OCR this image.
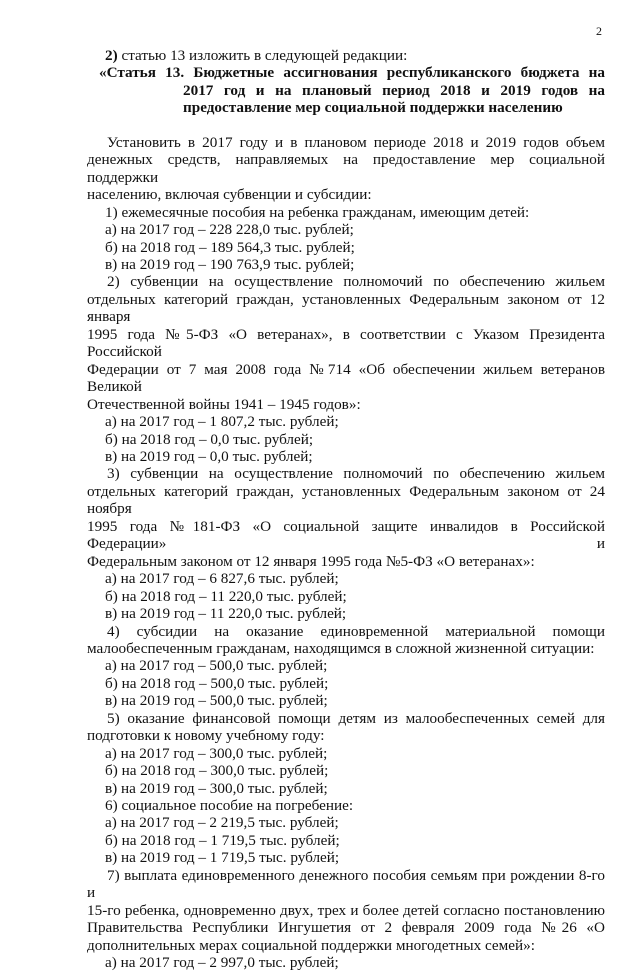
2
2) статью 13 изложить в следующей редакции:
«Статья 13. Бюджетные ассигнования республиканского бюджета на
2017 год и на плановый период 2018 и 2019 годов на
предоставление мер социальной поддержки населению
Установить в 2017 году и в плановом периоде 2018 и 2019 годов объем
денежных средств, направляемых на предоставление мер социальной поддержки
населению, включая субвенции и субсидии:
1) ежемесячные пособия на ребенка гражданам, имеющим детей:
а) на 2017 год – 228 228,0 тыс. рублей;
б) на 2018 год – 189 564,3 тыс. рублей;
в) на 2019 год – 190 763,9 тыс. рублей;
2) субвенции на осуществление полномочий по обеспечению жильем
отдельных категорий граждан, установленных Федеральным законом от 12 января
1995 года №5-ФЗ «О ветеранах», в соответствии с Указом Президента Российской
Федерации от 7 мая 2008 года №714 «Об обеспечении жильем ветеранов Великой
Отечественной войны 1941 – 1945 годов»:
а) на 2017 год – 1 807,2 тыс. рублей;
б) на 2018 год – 0,0 тыс. рублей;
в) на 2019 год – 0,0 тыс. рублей;
3) субвенции на осуществление полномочий по обеспечению жильем
отдельных категорий граждан, установленных Федеральным законом от 24 ноября
1995 года №181-ФЗ «О социальной защите инвалидов в Российской Федерации» и
Федеральным законом от 12 января 1995 года №5-ФЗ «О ветеранах»:
а) на 2017 год – 6 827,6 тыс. рублей;
б) на 2018 год – 11 220,0 тыс. рублей;
в) на 2019 год – 11 220,0 тыс. рублей;
4) субсидии на оказание единовременной материальной помощи
малообеспеченным гражданам, находящимся в сложной жизненной ситуации:
а) на 2017 год – 500,0 тыс. рублей;
б) на 2018 год – 500,0 тыс. рублей;
в) на 2019 год – 500,0 тыс. рублей;
5) оказание финансовой помощи детям из малообеспеченных семей для
подготовки к новому учебному году:
а) на 2017 год – 300,0 тыс. рублей;
б) на 2018 год – 300,0 тыс. рублей;
в) на 2019 год – 300,0 тыс. рублей;
6) социальное пособие на погребение:
а) на 2017 год – 2 219,5 тыс. рублей;
б) на 2018 год – 1 719,5 тыс. рублей;
в) на 2019 год – 1 719,5 тыс. рублей;
7) выплата единовременного денежного пособия семьям при рождении 8-го и
15-го ребенка, одновременно двух, трех и более детей согласно постановлению
Правительства Республики Ингушетия от 2 февраля 2009 года №26 «О
дополнительных мерах социальной поддержки многодетных семей»:
а) на 2017 год – 2 997,0 тыс. рублей;
